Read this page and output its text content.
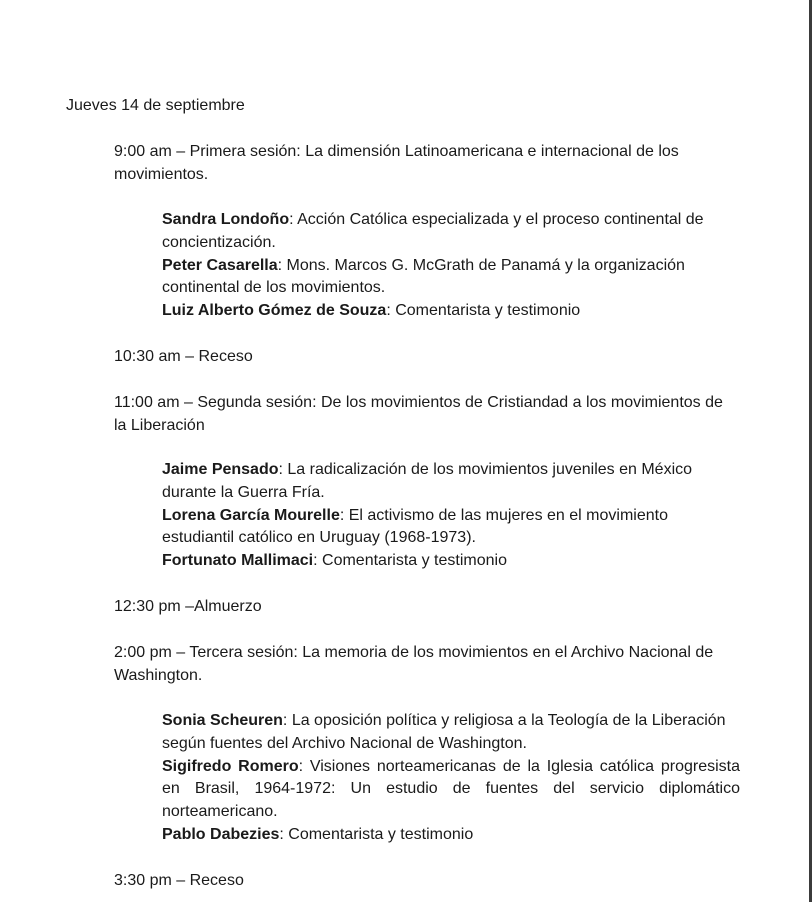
Jueves 14 de septiembre

9:00 am – Primera sesión: La dimensión Latinoamericana e internacional de los movimientos.

Sandra Londoño: Acción Católica especializada y el proceso continental de concientización.

Peter Casarella: Mons. Marcos G. McGrath de Panamá y la organización continental de los movimientos.

Luiz Alberto Gómez de Souza: Comentarista y testimonio

10:30 am – Receso

11:00 am – Segunda sesión: De los movimientos de Cristiandad a los movimientos de la Liberación

Jaime Pensado: La radicalización de los movimientos juveniles en México durante la Guerra Fría.

Lorena García Mourelle: El activismo de las mujeres en el movimiento estudiantil católico en Uruguay (1968-1973).

Fortunato Mallimaci: Comentarista y testimonio

12:30 pm –Almuerzo

2:00 pm – Tercera sesión: La memoria de los movimientos en el Archivo Nacional de Washington.

Sonia Scheuren: La oposición política y religiosa a la Teología de la Liberación según fuentes del Archivo Nacional de Washington.

Sigifredo Romero: Visiones norteamericanas de la Iglesia católica progresista en Brasil, 1964-1972: Un estudio de fuentes del servicio diplomático norteamericano.

Pablo Dabezies: Comentarista y testimonio

3:30 pm – Receso
